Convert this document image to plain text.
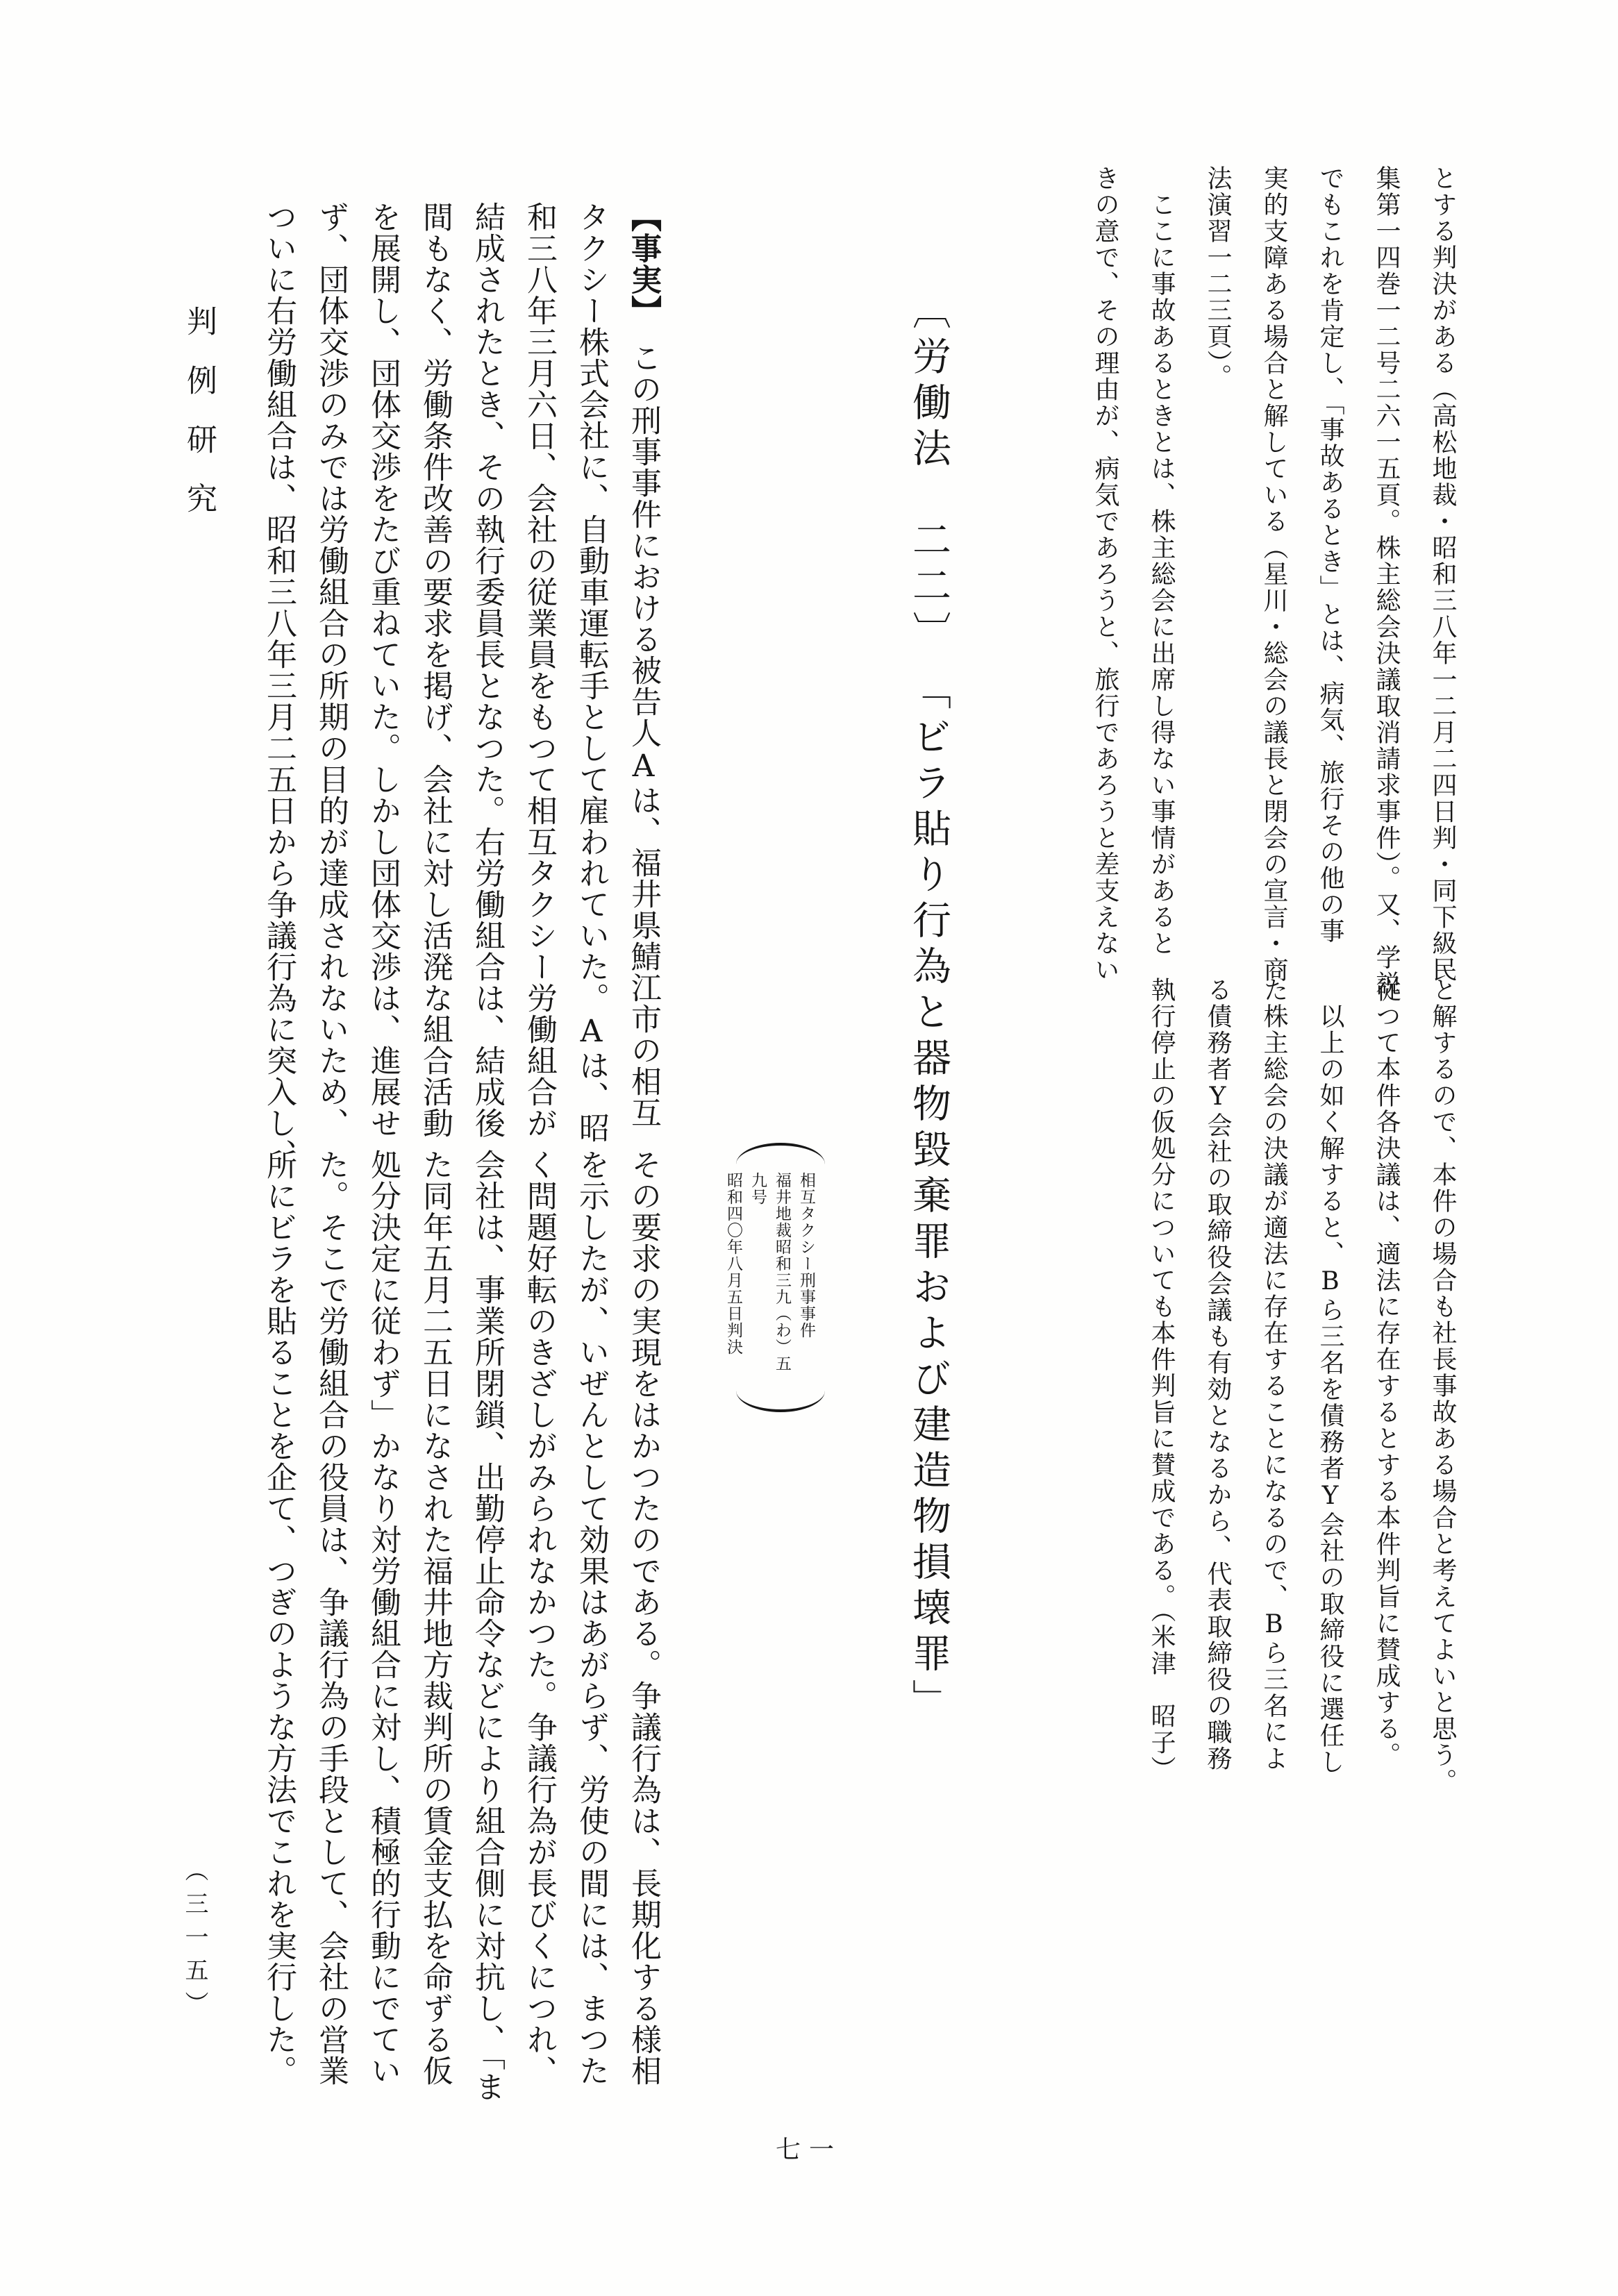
判例研究	とする判決がある（高松地裁・昭和三八年一二月二四日判・同下級民

集第一四巻一二号二六一五頁。株主総会決議取消請求事件）。又、学説

でもこれを肯定し、「事故あるとき」とは、病気、旅行その他の事

実的支障ある場合と解している（星川・総会の議長と閉会の宣言・商

法演習一二三頁）。

　ここに事故あるときとは、株主総会に出席し得ない事情があると

きの意で、その理由が、病気であろうと、旅行であろうと差支えない

と解するので、本件の場合も社長事故ある場合と考えてよいと思う。

従つて本件各決議は、適法に存在するとする本件判旨に賛成する。

　以上の如く解すると、Bら三名を債務者Y会社の取締役に選任し

た株主総会の決議が適法に存在することになるので、Bら三名によ

る債務者Y会社の取締役会議も有効となるから、代表取締役の職務

執行停止の仮処分についても本件判旨に賛成である。（米津　昭子）

〔労働法　二二〕「ビラ貼り行為と器物毀棄罪および建造物損壊罪」

相互タクシー刑事事件

福井地裁昭和三九（わ）五九号

昭和四〇年八月五日判決

【事実】　この刑事事件における被告人Aは、福井県鯖江市の相互

タクシー株式会社に、自動車運転手として雇われていた。Aは、昭

和三八年三月六日、会社の従業員をもつて相互タクシー労働組合が

結成されたとき、その執行委員長となつた。右労働組合は、結成後

間もなく、労働条件改善の要求を掲げ、会社に対し活溌な組合活動

を展開し、団体交渉をたび重ねていた。しかし団体交渉は、進展せ

ず、団体交渉のみでは労働組合の所期の目的が達成されないため、

ついに右労働組合は、昭和三八年三月二五日から争議行為に突入し、

その要求の実現をはかつたのである。争議行為は、長期化する様相

を示したが、いぜんとして効果はあがらず、労使の間には、まつた

く問題好転のきざしがみられなかつた。争議行為が長びくにつれ、

会社は、事業所閉鎖、出勤停止命令などにより組合側に対抗し、「ま

た同年五月二五日になされた福井地方裁判所の賃金支払を命ずる仮

処分決定に従わず」かなり対労働組合に対し、積極的行動にでてい

た。そこで労働組合の役員は、争議行為の手段として、会社の営業

所にビラを貼ることを企て、つぎのような方法でこれを実行した。

（三一五）

七一
